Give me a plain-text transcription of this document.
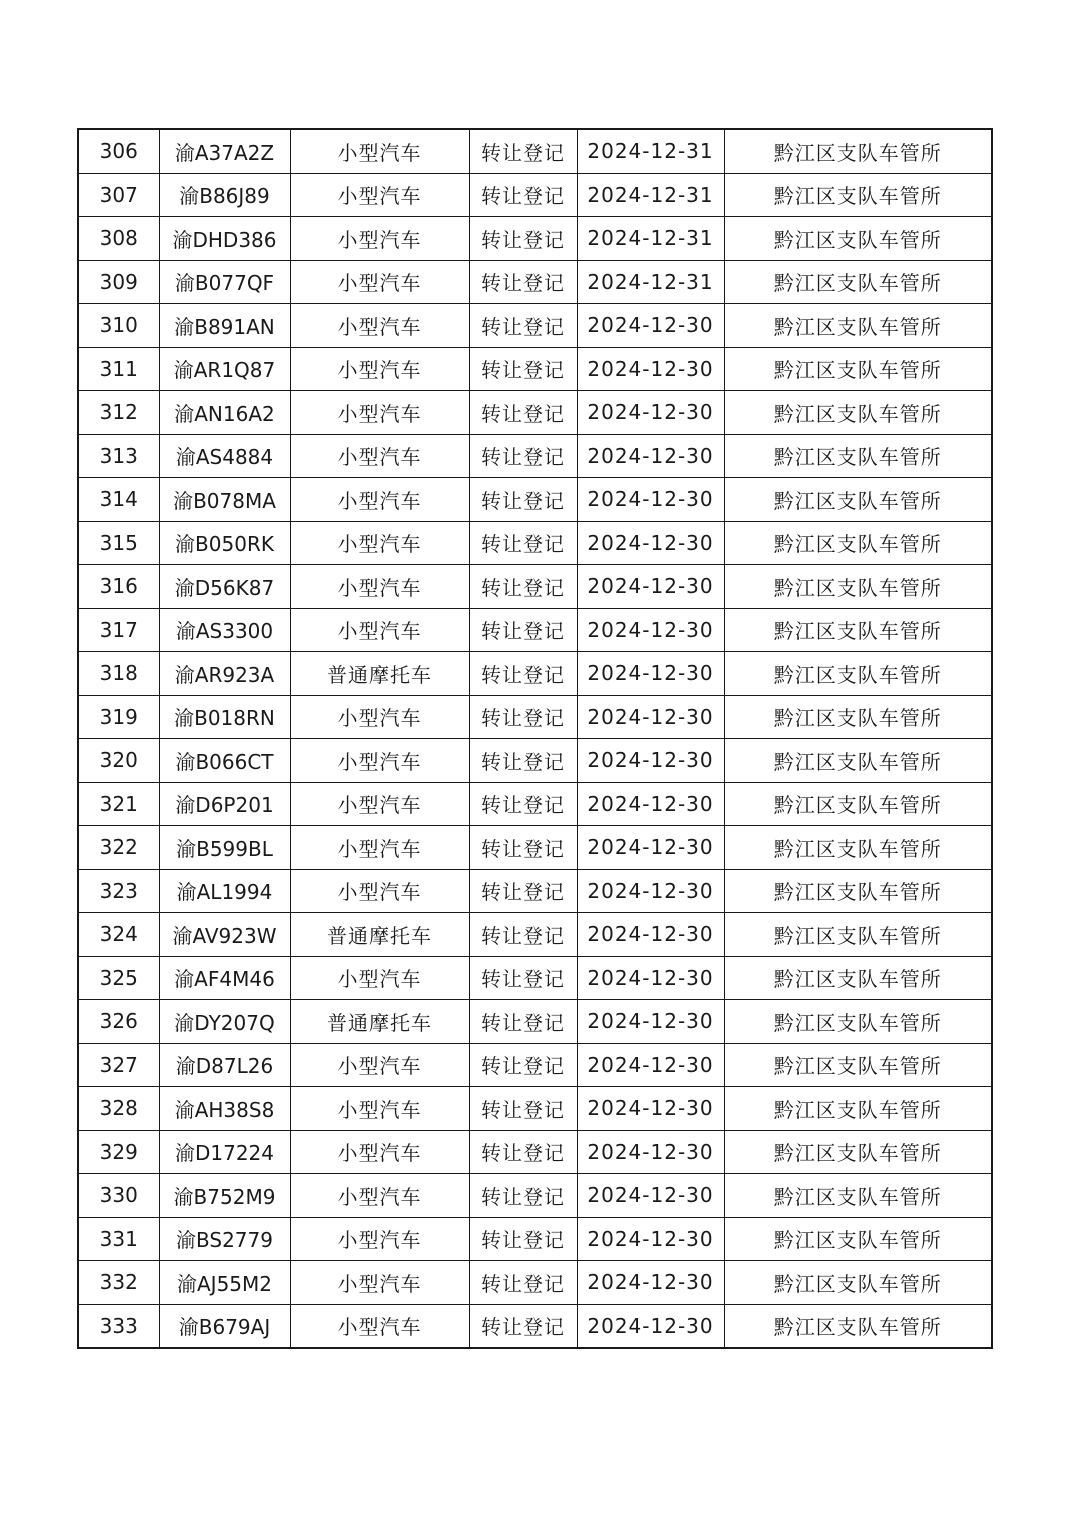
306	渝A37A2Z	小型汽车	转让登记	2024-12-31	黔江区支队车管所
307	渝B86J89	小型汽车	转让登记	2024-12-31	黔江区支队车管所
308	渝DHD386	小型汽车	转让登记	2024-12-31	黔江区支队车管所
309	渝B077QF	小型汽车	转让登记	2024-12-31	黔江区支队车管所
310	渝B891AN	小型汽车	转让登记	2024-12-30	黔江区支队车管所
311	渝AR1Q87	小型汽车	转让登记	2024-12-30	黔江区支队车管所
312	渝AN16A2	小型汽车	转让登记	2024-12-30	黔江区支队车管所
313	渝AS4884	小型汽车	转让登记	2024-12-30	黔江区支队车管所
314	渝B078MA	小型汽车	转让登记	2024-12-30	黔江区支队车管所
315	渝B050RK	小型汽车	转让登记	2024-12-30	黔江区支队车管所
316	渝D56K87	小型汽车	转让登记	2024-12-30	黔江区支队车管所
317	渝AS3300	小型汽车	转让登记	2024-12-30	黔江区支队车管所
318	渝AR923A	普通摩托车	转让登记	2024-12-30	黔江区支队车管所
319	渝B018RN	小型汽车	转让登记	2024-12-30	黔江区支队车管所
320	渝B066CT	小型汽车	转让登记	2024-12-30	黔江区支队车管所
321	渝D6P201	小型汽车	转让登记	2024-12-30	黔江区支队车管所
322	渝B599BL	小型汽车	转让登记	2024-12-30	黔江区支队车管所
323	渝AL1994	小型汽车	转让登记	2024-12-30	黔江区支队车管所
324	渝AV923W	普通摩托车	转让登记	2024-12-30	黔江区支队车管所
325	渝AF4M46	小型汽车	转让登记	2024-12-30	黔江区支队车管所
326	渝DY207Q	普通摩托车	转让登记	2024-12-30	黔江区支队车管所
327	渝D87L26	小型汽车	转让登记	2024-12-30	黔江区支队车管所
328	渝AH38S8	小型汽车	转让登记	2024-12-30	黔江区支队车管所
329	渝D17224	小型汽车	转让登记	2024-12-30	黔江区支队车管所
330	渝B752M9	小型汽车	转让登记	2024-12-30	黔江区支队车管所
331	渝BS2779	小型汽车	转让登记	2024-12-30	黔江区支队车管所
332	渝AJ55M2	小型汽车	转让登记	2024-12-30	黔江区支队车管所
333	渝B679AJ	小型汽车	转让登记	2024-12-30	黔江区支队车管所
